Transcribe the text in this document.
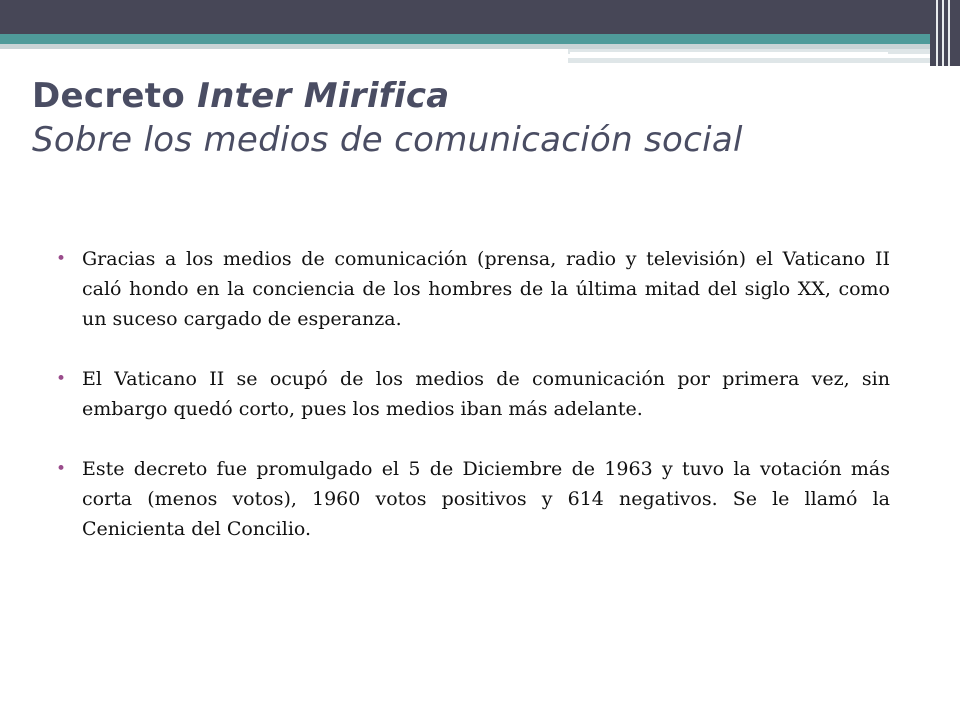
Decreto Inter Mirifica
Sobre los medios de comunicación social
• Gracias a los medios de comunicación (prensa, radio y televisión) el Vaticano II caló hondo en la conciencia de los hombres de la última mitad del siglo XX, como un suceso cargado de esperanza.
• El Vaticano II se ocupó de los medios de comunicación por primera vez, sin embargo quedó corto, pues los medios iban más adelante.
• Este decreto fue promulgado el 5 de Diciembre de 1963 y tuvo la votación más corta (menos votos), 1960 votos positivos y 614 negativos. Se le llamó la Cenicienta del Concilio.
